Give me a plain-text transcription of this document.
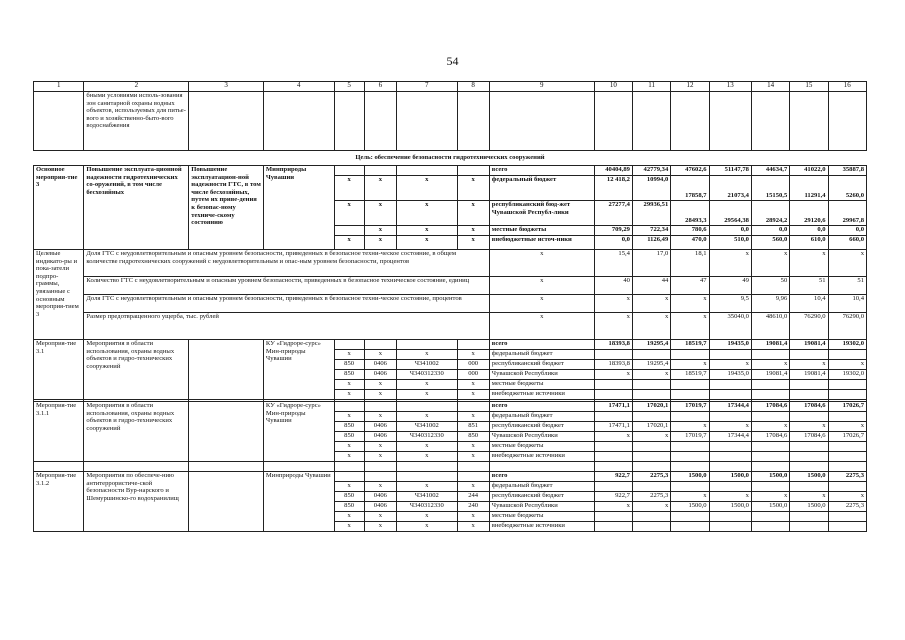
54
1	2	3	4	5	6	7	8	9	10	11	12	13	14	15	16
	бными условиями исполь-зования зон санитарной охраны водных объектов, используемых для питье-вого и хозяйственно-быто-вого водоснабжения														
Цель: обеспечение безопасности гидротехнических сооружений															
Основное мероприя-тие 3	Повышение эксплуата-ционной надежности гидротехнических со-оружений, в том числе бесхозяйных	Повышение эксплуатацион-ной надежности ГТС, в том числе бесхозяйных, путем их приве-дения к безопас-ному техниче-скому состоянию	Минприроды Чувашии					всего	40404,89	42779,34	47602,6	51147,78	44634,7	41022,0	35887,8
				x	x	x	x	федеральный бюджет	12 418,2	10994,0	17858,7	21073,4	15150,5	11291,4	5260,0
				x	x	x	x	республиканский бюд-жет Чувашской Республ-лики	27277,4	29936,51	28493,3	29564,38	28924,2	29120,6	29967,8
					x	x	x	местные бюджеты	709,29	722,34	780,6	0,0	0,0	0,0	0,0
				x	x	x	x	внебюджетные источ-ники	0,0	1126,49	470,0	510,0	560,0	610,0	660,0
Целевые индикато-ры и пока-затели подпро-граммы, увязанные с основным мероприя-тием 3	Доля ГТС с неудовлетворительным и опасным уровнем безопасности, приведенных в безопасное техни-ческое состояние, в общем количестве гидротехнических сооружений с неудовлетворительным и опас-ным уровнем безопасности, процентов							x	15,4	17,0	18,1	x	x	x	x
	Количество ГТС с неудовлетворительным и опасным уровнем безопасности, приведенных в безопасное техническое состояние, единиц							x	40	44	47	49	50	51	51
	Доля ГТС с неудовлетворительным и опасным уровнем безопасности, приведенных в безопасное техни-ческое состояние, процентов							x	x	x	x	9,5	9,96	10,4	10,4
	Размер предотвращенного ущерба, тыс. рублей							x	x	x	x	35040,0	48610,0	76290,0	76290,0
Мероприя-тие 3.1	Мероприятия в области использования, охраны водных объектов и гидро-технических сооружений		КУ «Гидроре-сурс» Мин-природы Чувашии					всего	18393,8	19295,4	18519,7	19435,0	19081,4	19081,4	19302,0
				x	x	x	x	федеральный бюджет							
				850	0406	Ч341002	000	республиканский бюджет	18393,8	19295,4	x	x	x	x	x
				850	0406	Ч340312330	000	Чувашской Республики	x	x	18519,7	19435,0	19081,4	19081,4	19302,0
				x	x	x	x	местные бюджеты							
				x	x	x	x	внебюджетные источники							

Мероприя-тие 3.1.1	Мероприятия в области использования, охраны водных объектов и гидро-технических сооружений		КУ «Гидроре-сурс» Мин-природы Чувашии					всего	17471,1	17020,1	17019,7	17344,4	17084,6	17084,6	17026,7
				x	x	x	x	федеральный бюджет							
				850	0406	Ч341002	851	республиканский бюджет	17471,1	17020,1	x	x	x	x	x
				850	0406	Ч340312330	850	Чувашской Республики	x	x	17019,7	17344,4	17084,6	17084,6	17026,7
				x	x	x	x	местные бюджеты							
				x	x	x	x	внебюджетные источники							

Мероприя-тие 3.1.2	Мероприятия по обеспече-нию антитеррористиче-ской безопасности Вур-нарского и Шемуршинско-го водохранилищ		Минприроды Чувашии					всего	922,7	2275,3	1500,0	1500,0	1500,0	1500,0	2275,3
				x	x	x	x	федеральный бюджет							
				850	0406	Ч341002	244	республиканский бюджет	922,7	2275,3	x	x	x	x	x
				850	0406	Ч340312330	240	Чувашской Республики	x	x	1500,0	1500,0	1500,0	1500,0	2275,3
				x	x	x	x	местные бюджеты							
				x	x	x	x	внебюджетные источники							
